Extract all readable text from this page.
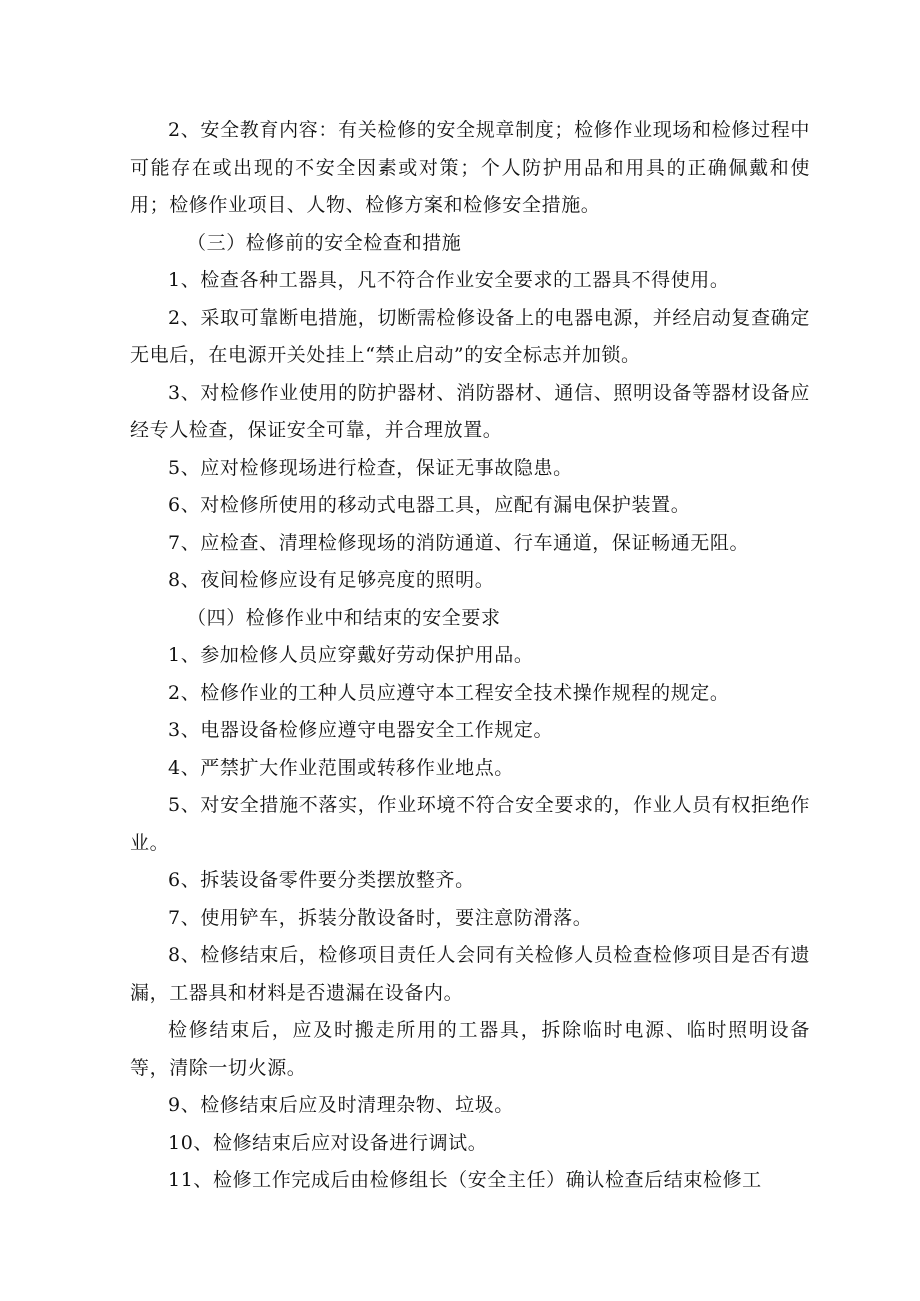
2、安全教育内容：有关检修的安全规章制度；检修作业现场和检修过程中可能存在或出现的不安全因素或对策；个人防护用品和用具的正确佩戴和使用；检修作业项目、人物、检修方案和检修安全措施。

（三）检修前的安全检查和措施

1、检查各种工器具，凡不符合作业安全要求的工器具不得使用。

2、采取可靠断电措施，切断需检修设备上的电器电源，并经启动复查确定无电后，在电源开关处挂上“禁止启动”的安全标志并加锁。

3、对检修作业使用的防护器材、消防器材、通信、照明设备等器材设备应经专人检查，保证安全可靠，并合理放置。

5、应对检修现场进行检查，保证无事故隐患。

6、对检修所使用的移动式电器工具，应配有漏电保护装置。

7、应检查、清理检修现场的消防通道、行车通道，保证畅通无阻。

8、夜间检修应设有足够亮度的照明。

（四）检修作业中和结束的安全要求

1、参加检修人员应穿戴好劳动保护用品。

2、检修作业的工种人员应遵守本工程安全技术操作规程的规定。

3、电器设备检修应遵守电器安全工作规定。

4、严禁扩大作业范围或转移作业地点。

5、对安全措施不落实，作业环境不符合安全要求的，作业人员有权拒绝作业。

6、拆装设备零件要分类摆放整齐。

7、使用铲车，拆装分散设备时，要注意防滑落。

8、检修结束后，检修项目责任人会同有关检修人员检查检修项目是否有遗漏，工器具和材料是否遗漏在设备内。

检修结束后，应及时搬走所用的工器具，拆除临时电源、临时照明设备等，清除一切火源。

9、检修结束后应及时清理杂物、垃圾。

10、检修结束后应对设备进行调试。

11、检修工作完成后由检修组长（安全主任）确认检查后结束检修工
